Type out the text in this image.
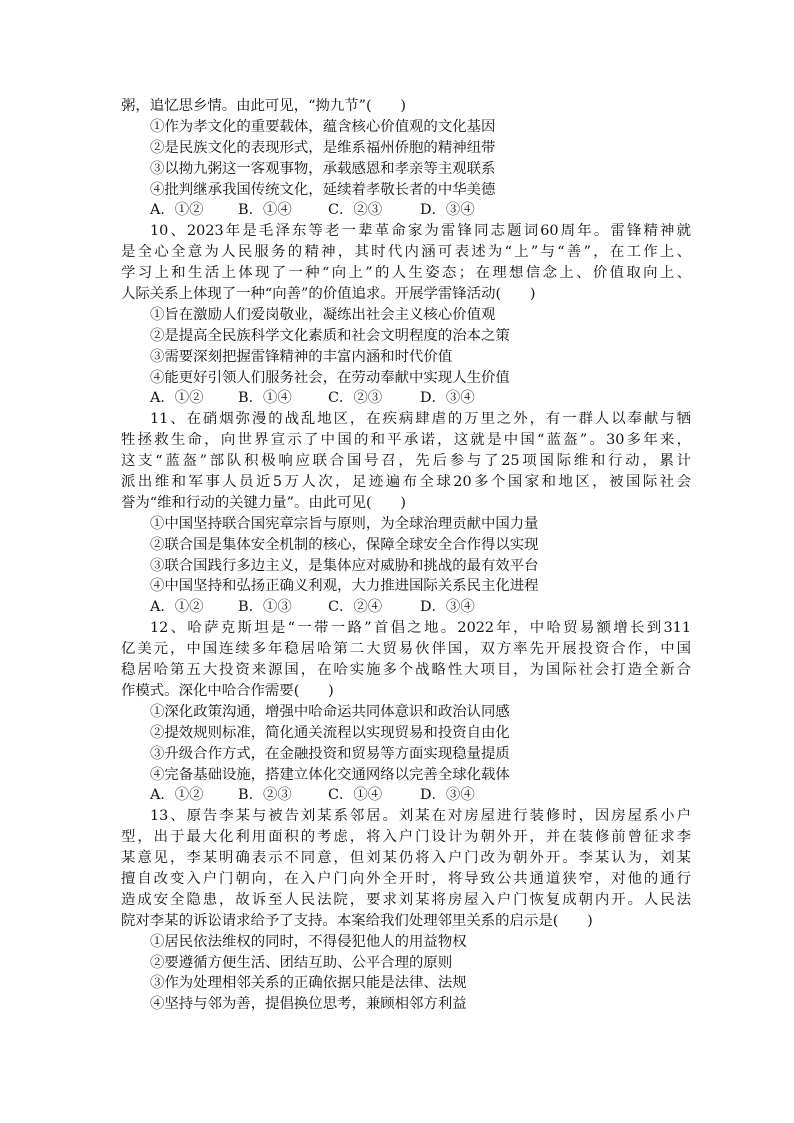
粥，追忆思乡情。由此可见，“拗九节”(　　)
①作为孝文化的重要载体，蕴含核心价值观的文化基因
②是民族文化的表现形式，是维系福州侨胞的精神纽带
③以拗九粥这一客观事物，承载感恩和孝亲等主观联系
④批判继承我国传统文化，延续着孝敬长者的中华美德
A．①②	B．①④	C．②③	D．③④
10、2023年是毛泽东等老一辈革命家为雷锋同志题词60周年。雷锋精神就
是全心全意为人民服务的精神，其时代内涵可表述为“上”与“善”，在工作上、
学习上和生活上体现了一种“向上”的人生姿态；在理想信念上、价值取向上、
人际关系上体现了一种“向善”的价值追求。开展学雷锋活动(　　)
①旨在激励人们爱岗敬业，凝练出社会主义核心价值观
②是提高全民族科学文化素质和社会文明程度的治本之策
③需要深刻把握雷锋精神的丰富内涵和时代价值
④能更好引领人们服务社会，在劳动奉献中实现人生价值
A．①②	B．①④	C．②③	D．③④
11、在硝烟弥漫的战乱地区，在疾病肆虐的万里之外，有一群人以奉献与牺
牲拯救生命，向世界宣示了中国的和平承诺，这就是中国“蓝盔”。30多年来，
这支“蓝盔”部队积极响应联合国号召，先后参与了25项国际维和行动，累计
派出维和军事人员近5万人次，足迹遍布全球20多个国家和地区，被国际社会
誉为“维和行动的关键力量”。由此可见(　　)
①中国坚持联合国宪章宗旨与原则，为全球治理贡献中国力量
②联合国是集体安全机制的核心，保障全球安全合作得以实现
③联合国践行多边主义，是集体应对威胁和挑战的最有效平台
④中国坚持和弘扬正确义利观，大力推进国际关系民主化进程
A．①②	B．①③	C．②④	D．③④
12、哈萨克斯坦是“一带一路”首倡之地。2022年，中哈贸易额增长到311
亿美元，中国连续多年稳居哈第二大贸易伙伴国，双方率先开展投资合作，中国
稳居哈第五大投资来源国，在哈实施多个战略性大项目，为国际社会打造全新合
作模式。深化中哈合作需要(　　)
①深化政策沟通，增强中哈命运共同体意识和政治认同感
②提效规则标准，简化通关流程以实现贸易和投资自由化
③升级合作方式，在金融投资和贸易等方面实现稳量提质
④完备基础设施，搭建立体化交通网络以完善全球化载体
A．①②	B．②③	C．①④	D．③④
13、原告李某与被告刘某系邻居。刘某在对房屋进行装修时，因房屋系小户
型，出于最大化利用面积的考虑，将入户门设计为朝外开，并在装修前曾征求李
某意见，李某明确表示不同意，但刘某仍将入户门改为朝外开。李某认为，刘某
擅自改变入户门朝向，在入户门向外全开时，将导致公共通道狭窄，对他的通行
造成安全隐患，故诉至人民法院，要求刘某将房屋入户门恢复成朝内开。人民法
院对李某的诉讼请求给予了支持。本案给我们处理邻里关系的启示是(　　)
①居民依法维权的同时，不得侵犯他人的用益物权
②要遵循方便生活、团结互助、公平合理的原则
③作为处理相邻关系的正确依据只能是法律、法规
④坚持与邻为善，提倡换位思考，兼顾相邻方利益
